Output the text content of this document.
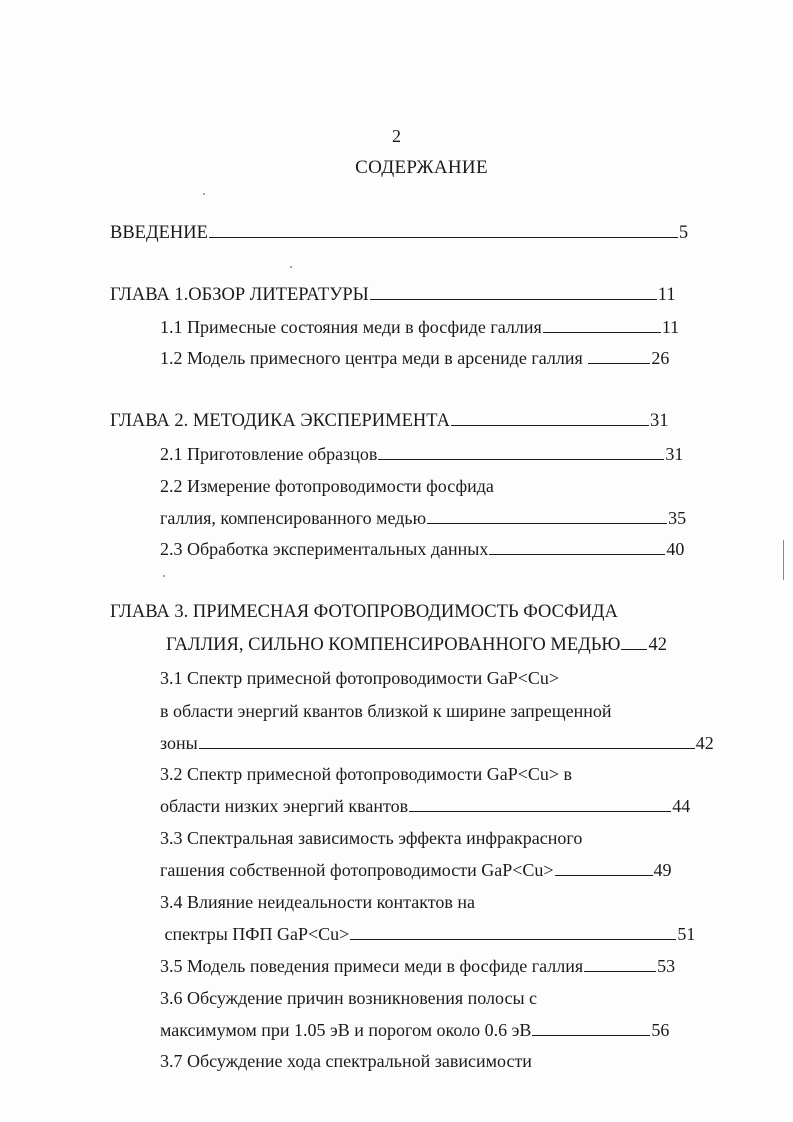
2
СОДЕРЖАНИЕ
ВВЕДЕНИЕ	5
ГЛАВА 1.ОБЗОР ЛИТЕРАТУРЫ	11
1.1 Примесные состояния меди в фосфиде галлия	11
1.2 Модель примесного центра меди в арсениде галлия	26
ГЛАВА 2. МЕТОДИКА ЭКСПЕРИМЕНТА	31
2.1 Приготовление образцов	31
2.2 Измерение фотопроводимости фосфида
галлия, компенсированного медью	35
2.3 Обработка экспериментальных данных	40
ГЛАВА 3. ПРИМЕСНАЯ ФОТОПРОВОДИМОСТЬ ФОСФИДА
ГАЛЛИЯ, СИЛЬНО КОМПЕНСИРОВАННОГО МЕДЬЮ 42
3.1 Спектр примесной фотопроводимости GaP<Cu>
в области энергий квантов близкой к ширине запрещенной
зоны	42
3.2 Спектр примесной фотопроводимости GaP<Cu> в
области низких энергий квантов	44
3.3 Спектральная зависимость эффекта инфракрасного
гашения собственной фотопроводимости GaP<Cu>	49
3.4 Влияние неидеальности контактов на
спектры ПФП GaP<Cu>	51
3.5 Модель поведения примеси меди в фосфиде галлия	53
3.6 Обсуждение причин возникновения полосы с
максимумом при 1.05 эВ и порогом около 0.6 эВ	56
3.7 Обсуждение хода спектральной зависимости
